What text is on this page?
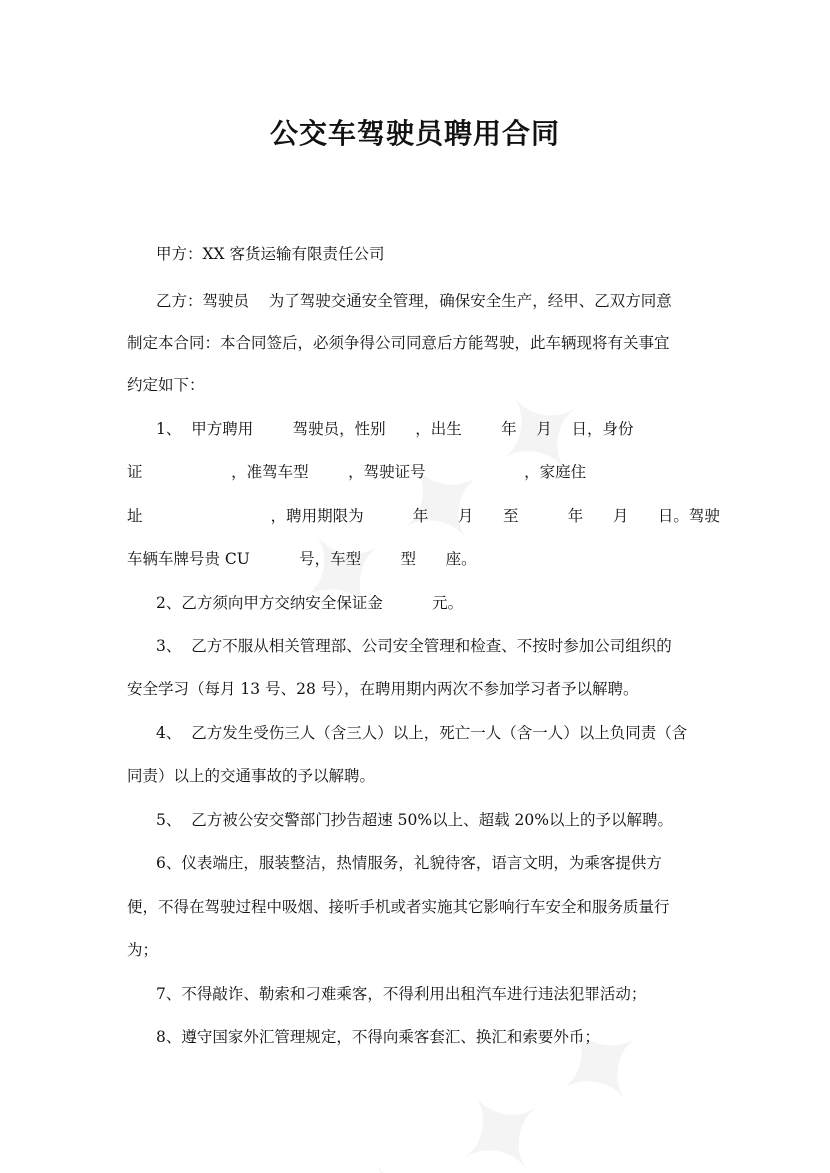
公交车驾驶员聘用合同
甲方：XX 客货运输有限责任公司
乙方：驾驶员    为了驾驶交通安全管理，确保安全生产，经甲、乙双方同意
制定本合同：本合同签后，必须争得公司同意后方能驾驶，此车辆现将有关事宜
约定如下：
1、  甲方聘用        驾驶员，性别      ，出生        年    月    日，身份
证                  ，准驾车型        ，驾驶证号                    ，家庭住
址                          ，聘用期限为          年      月      至          年      月      日。驾驶
车辆车牌号贵 CU          号，车型        型      座。
2、乙方须向甲方交纳安全保证金          元。
3、  乙方不服从相关管理部、公司安全管理和检查、不按时参加公司组织的
安全学习（每月 13 号、28 号），在聘用期内两次不参加学习者予以解聘。
4、  乙方发生受伤三人（含三人）以上，死亡一人（含一人）以上负同责（含
同责）以上的交通事故的予以解聘。
5、  乙方被公安交警部门抄告超速 50%以上、超载 20%以上的予以解聘。
6、仪表端庄，服装整洁，热情服务，礼貌待客，语言文明，为乘客提供方
便，不得在驾驶过程中吸烟、接听手机或者实施其它影响行车安全和服务质量行
为；
7、不得敲诈、勒索和刁难乘客，不得利用出租汽车进行违法犯罪活动；
8、遵守国家外汇管理规定，不得向乘客套汇、换汇和索要外币；
